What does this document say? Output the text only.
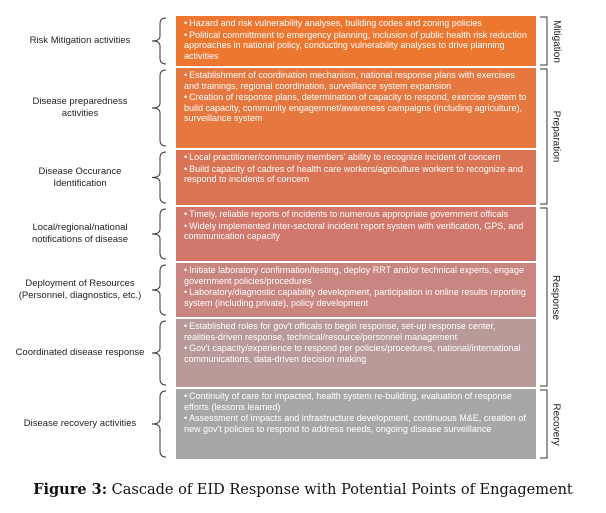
Risk Mitigation activities
• Hazard and risk vulnerability analyses, building codes and zoning policies
• Political committment to emergency planning, inclusion of public health risk reduction approaches in national policy, conducting vulnerability analyses to drive planning activities
Disease preparedness activities
• Establishment of coordination mechanism, national response plans with exercises and trainings, regional coordination, surveillance system expansion
• Creation of response plans, determination of capacity to respond, exercise system to build capacity, community engagemnet/awareness campaigns (including agriculture), surveillance system
Disease Occurance Identification
• Local practitioner/community members' ability to recognize incident of concern
• Build capacity of cadres of health care workers/agriculture workers to recognize and respond to incidents of concern
Local/regional/national notifications of disease
• Timely, reliable reports of incidents to numerous appropriate government officals
• Widely implemented inter-sectoral incident report system with verification, GPS, and communication capacity
Deployment of Resources (Personnel, diagnostics, etc.)
• Initiate laboratory confirmation/testing, deploy RRT and/or technical experts, engage government policies/procedures
• Laboratory/diagnostic capability development, participation in online results reporting system (including private), policy development
Coordinated disease response
• Established roles for gov't officals to begin response, set-up response center, realities-driven response, technical/resource/personnel management
• Gov't capacity/experience to respond per policies/procedures, national/international communications, data-driven decision making
Disease recovery activities
• Continuity of care for impacted, health system re-building, evaluation of response efforts (lessons learned)
• Assessment of impacts and infrastructure development, continuous M&E, creation of new gov't policies to respond to address needs, ongoing disease surveillance
Mitigation
Preparation
Response
Recovery
Figure 3: Cascade of EID Response with Potential Points of Engagement
